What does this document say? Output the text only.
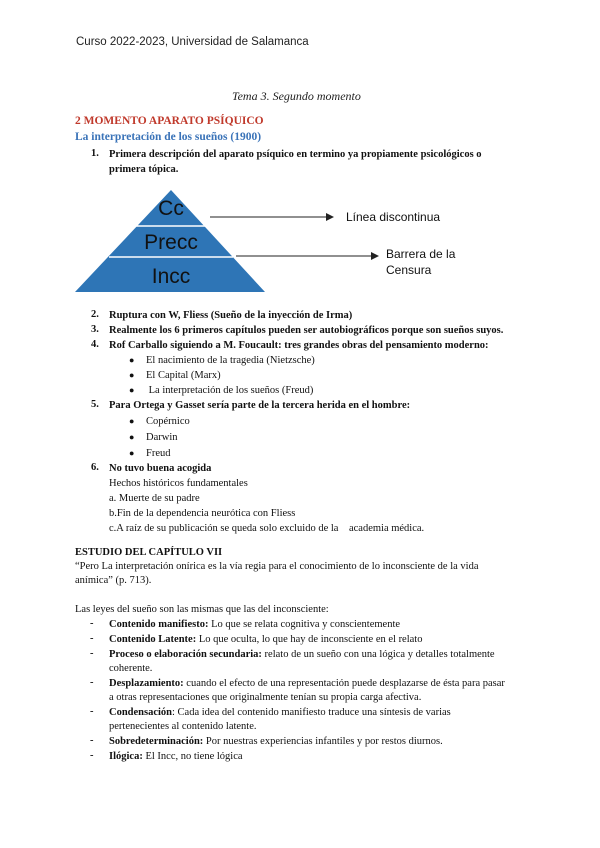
Curso 2022-2023, Universidad de Salamanca
Tema 3. Segundo momento
2 MOMENTO APARATO PSÍQUICO
La interpretación de los sueños (1900)
1. Primera descripción del aparato psíquico en termino ya propiamente psicológicos o
primera tópica.
Cc
Precc
Incc
Línea discontinua
Barrera de la
Censura
2. Ruptura con W, Fliess (Sueño de la inyección de Irma)
3. Realmente los 6 primeros capítulos pueden ser autobiográficos porque son sueños suyos.
4. Rof Carballo siguiendo a M. Foucault: tres grandes obras del pensamiento moderno:
● El nacimiento de la tragedia (Nietzsche)
● El Capital (Marx)
● La interpretación de los sueños (Freud)
5. Para Ortega y Gasset sería parte de la tercera herida en el hombre:
● Copérnico
● Darwin
● Freud
6. No tuvo buena acogida
Hechos históricos fundamentales
a. Muerte de su padre
b.Fin de la dependencia neurótica con Fliess
c.A raíz de su publicación se queda solo excluido de la    academia médica.
ESTUDIO DEL CAPÍTULO VII
“Pero La interpretación onírica es la vía regia para el conocimiento de lo inconsciente de la vida
anímica” (p. 713).
Las leyes del sueño son las mismas que las del inconsciente:
- Contenido manifiesto: Lo que se relata cognitiva y conscientemente
- Contenido Latente: Lo que oculta, lo que hay de inconsciente en el relato
- Proceso o elaboración secundaria: relato de un sueño con una lógica y detalles totalmente
coherente.
- Desplazamiento: cuando el efecto de una representación puede desplazarse de ésta para pasar
a otras representaciones que originalmente tenían su propia carga afectiva.
- Condensación: Cada idea del contenido manifiesto traduce una síntesis de varias
pertenecientes al contenido latente.
- Sobredeterminación: Por nuestras experiencias infantiles y por restos diurnos.
- Ilógica: El Incc, no tiene lógica
